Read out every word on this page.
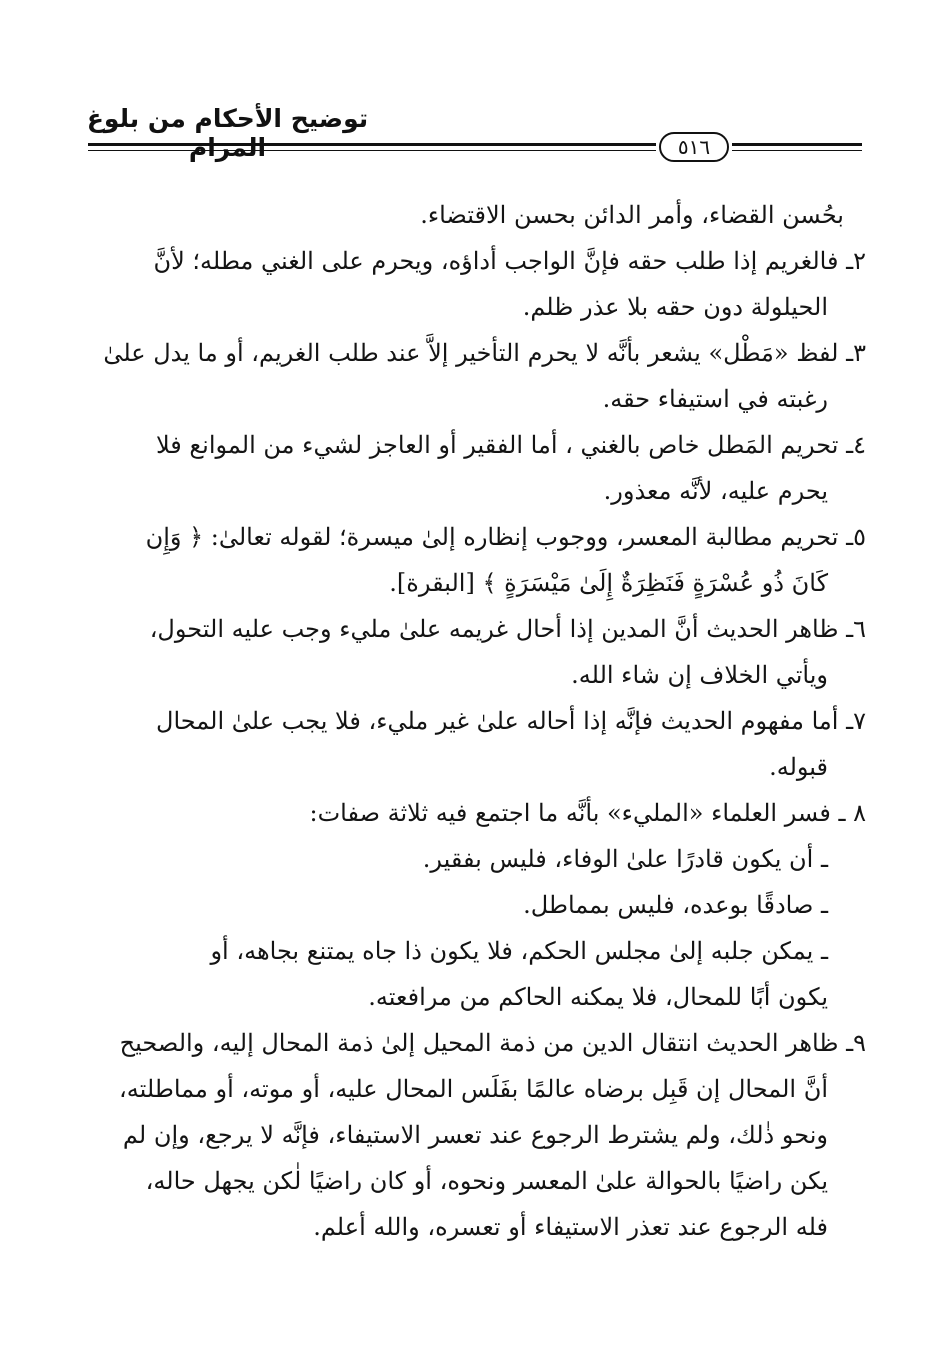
توضيح الأحكام من بلوغ المرام	٥١٦
بحُسن القضاء، وأمر الدائن بحسن الاقتضاء.
٢ـ فالغريم إذا طلب حقه فإنَّ الواجب أداؤه، ويحرم على الغني مطله؛ لأنَّ
الحيلولة دون حقه بلا عذر ظلم.
٣ـ لفظ «مَطْل» يشعر بأنَّه لا يحرم التأخير إلاَّ عند طلب الغريم، أو ما يدل علىٰ
رغبته في استيفاء حقه.
٤ـ تحريم المَطل خاص بالغني ، أما الفقير أو العاجز لشيء من الموانع فلا
يحرم عليه، لأنَّه معذور.
٥ـ تحريم مطالبة المعسر، ووجوب إنظاره إلىٰ ميسرة؛ لقوله تعالىٰ: ﴿ وَإِن
كَانَ ذُو عُسْرَةٍ فَنَظِرَةٌ إِلَىٰ مَيْسَرَةٍ ﴾ [البقرة].
٦ـ ظاهر الحديث أنَّ المدين إذا أحال غريمه علىٰ مليء وجب عليه التحول،
ويأتي الخلاف إن شاء الله.
٧ـ أما مفهوم الحديث فإنَّه إذا أحاله علىٰ غير مليء، فلا يجب علىٰ المحال
قبوله.
٨ ـ فسر العلماء «المليء» بأنَّه ما اجتمع فيه ثلاثة صفات:
ـ أن يكون قادرًا علىٰ الوفاء، فليس بفقير.
ـ صادقًا بوعده، فليس بمماطل.
ـ يمكن جلبه إلىٰ مجلس الحكم، فلا يكون ذا جاه يمتنع بجاهه، أو
يكون أبًا للمحال، فلا يمكنه الحاكم من مرافعته.
٩ـ ظاهر الحديث انتقال الدين من ذمة المحيل إلىٰ ذمة المحال إليه، والصحيح
أنَّ المحال إن قَبِل برضاه عالمًا بفَلَس المحال عليه، أو موته، أو مماطلته،
ونحو ذٰلك، ولم يشترط الرجوع عند تعسر الاستيفاء، فإنَّه لا يرجع، وإن لم
يكن راضيًا بالحوالة علىٰ المعسر ونحوه، أو كان راضيًا لٰكن يجهل حاله،
فله الرجوع عند تعذر الاستيفاء أو تعسره، والله أعلم.
